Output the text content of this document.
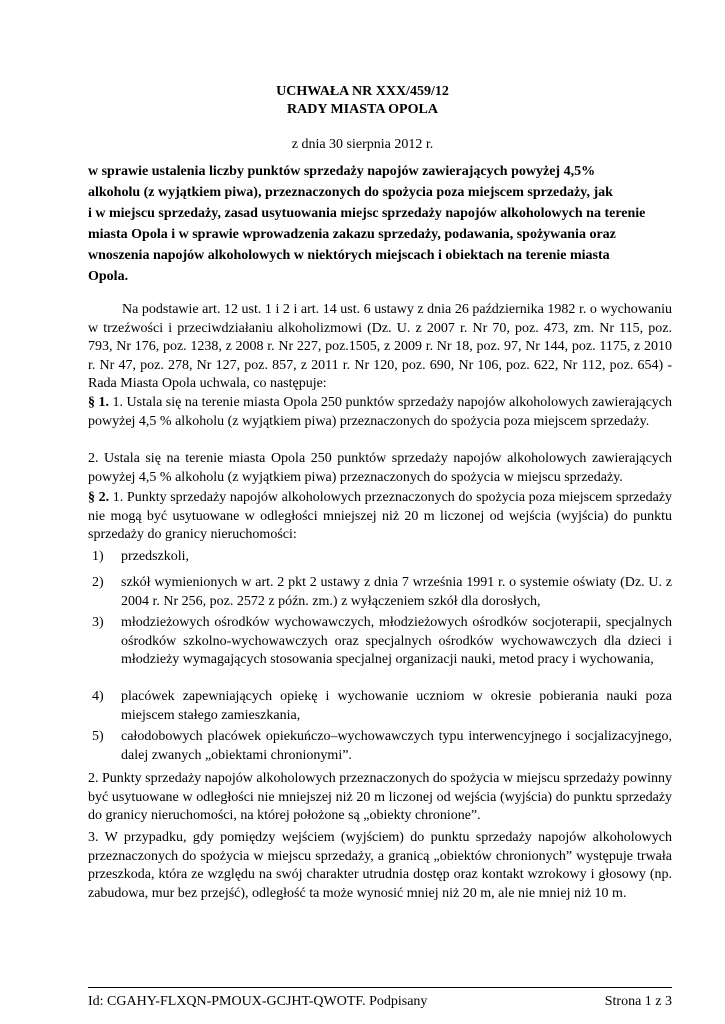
UCHWAŁA NR XXX/459/12
RADY MIASTA OPOLA
z dnia 30 sierpnia 2012 r.
w sprawie ustalenia liczby punktów sprzedaży napojów zawierających powyżej 4,5%
alkoholu (z wyjątkiem piwa), przeznaczonych do spożycia poza miejscem sprzedaży, jak
i w miejscu sprzedaży, zasad usytuowania miejsc sprzedaży napojów alkoholowych na terenie
miasta Opola i w sprawie wprowadzenia zakazu sprzedaży, podawania, spożywania oraz
wnoszenia napojów alkoholowych w niektórych miejscach i obiektach na terenie miasta
Opola.
Na podstawie art. 12 ust. 1 i 2 i art. 14 ust. 6 ustawy z dnia 26 października 1982 r. o wychowaniu w trzeźwości i przeciwdziałaniu alkoholizmowi (Dz. U. z 2007 r. Nr 70, poz. 473, zm. Nr 115, poz. 793, Nr 176, poz. 1238, z 2008 r. Nr 227, poz.1505, z 2009 r. Nr 18, poz. 97, Nr 144, poz. 1175, z 2010 r. Nr 47, poz. 278, Nr 127, poz. 857, z 2011 r. Nr 120, poz. 690, Nr 106, poz. 622, Nr 112, poz. 654) - Rada Miasta Opola uchwala, co następuje:
§ 1. 1. Ustala się na terenie miasta Opola 250 punktów sprzedaży napojów alkoholowych zawierających powyżej 4,5 % alkoholu (z wyjątkiem piwa) przeznaczonych do spożycia poza miejscem sprzedaży.
2. Ustala się na terenie miasta Opola 250 punktów sprzedaży napojów alkoholowych zawierających powyżej 4,5 % alkoholu (z wyjątkiem piwa) przeznaczonych do spożycia w miejscu sprzedaży.
§ 2. 1. Punkty sprzedaży napojów alkoholowych przeznaczonych do spożycia poza miejscem sprzedaży nie mogą być usytuowane w odległości mniejszej niż 20 m liczonej od wejścia (wyjścia) do punktu sprzedaży do granicy nieruchomości:
1) przedszkoli,
2) szkół wymienionych w art. 2 pkt 2 ustawy z dnia 7 września 1991 r. o systemie oświaty (Dz. U. z 2004 r. Nr 256, poz. 2572 z późn. zm.) z wyłączeniem szkół dla dorosłych,
3) młodzieżowych ośrodków wychowawczych, młodzieżowych ośrodków socjoterapii, specjalnych ośrodków szkolno-wychowawczych oraz specjalnych ośrodków wychowawczych dla dzieci i młodzieży wymagających stosowania specjalnej organizacji nauki, metod pracy i wychowania,
4) placówek zapewniających opiekę i wychowanie uczniom w okresie pobierania nauki poza miejscem stałego zamieszkania,
5) całodobowych placówek opiekuńczo–wychowawczych typu interwencyjnego i socjalizacyjnego, dalej zwanych „obiektami chronionymi”.
2. Punkty sprzedaży napojów alkoholowych przeznaczonych do spożycia w miejscu sprzedaży powinny być usytuowane w odległości nie mniejszej niż 20 m liczonej od wejścia (wyjścia) do punktu sprzedaży do granicy nieruchomości, na której położone są „obiekty chronione”.
3. W przypadku, gdy pomiędzy wejściem (wyjściem) do punktu sprzedaży napojów alkoholowych przeznaczonych do spożycia w miejscu sprzedaży, a granicą „obiektów chronionych” występuje trwała przeszkoda, która ze względu na swój charakter utrudnia dostęp oraz kontakt wzrokowy i głosowy (np. zabudowa, mur bez przejść), odległość ta może wynosić mniej niż 20 m, ale nie mniej niż 10 m.
Id: CGAHY-FLXQN-PMOUX-GCJHT-QWOTF. Podpisany	Strona 1 z 3
